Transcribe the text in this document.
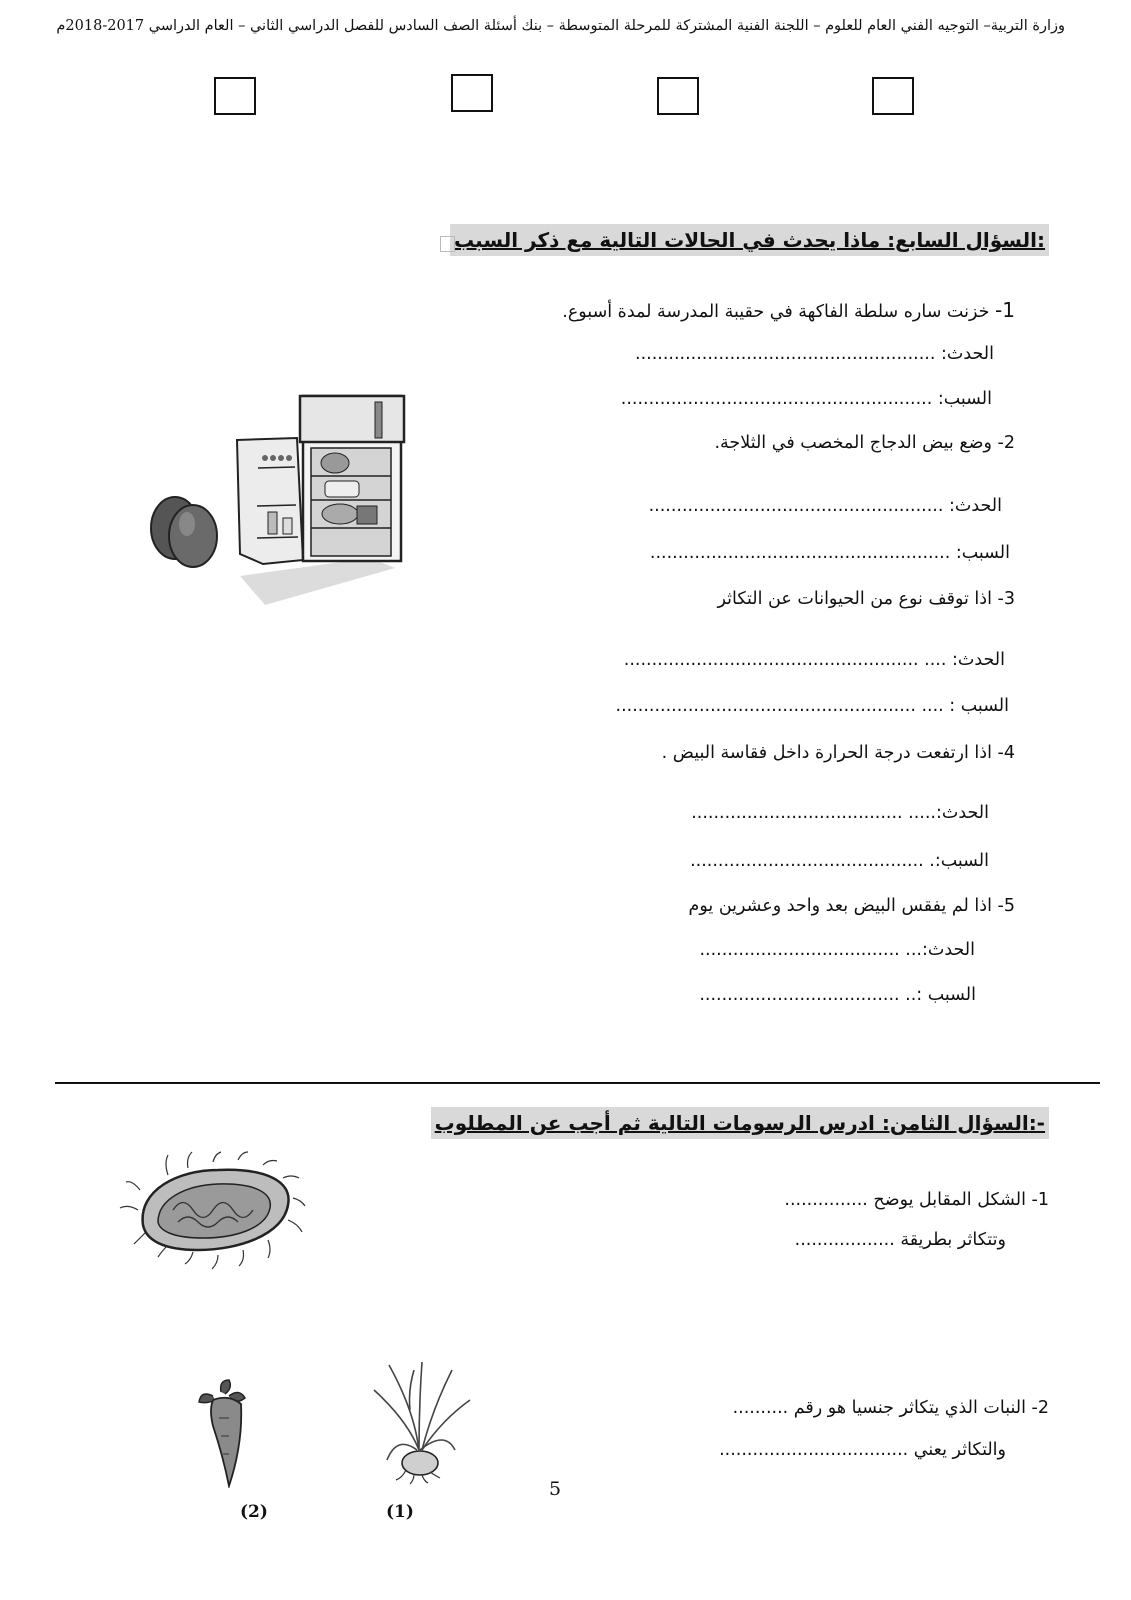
وزارة التربية– التوجيه الفني العام للعلوم – اللجنة الفنية المشتركة للمرحلة المتوسطة – بنك أسئلة الصف السادس للفصل الدراسي الثاني – العام الدراسي 2017-2018م
السؤال السابع: ماذا يحدث في الحالات التالية مع ذكر السبب:
1- خزنت ساره سلطة الفاكهة في حقيبة المدرسة لمدة أسبوع.
الحدث: ......................................................
السبب: ........................................................
2- وضع بيض الدجاج المخصب في الثلاجة.
الحدث: .....................................................
السبب: ......................................................
3- اذا توقف نوع من الحيوانات عن التكاثر
الحدث: .... .....................................................
السبب : .... ......................................................
4- اذا ارتفعت درجة الحرارة داخل فقاسة البيض .
الحدث:..... ......................................
السبب:. ..........................................
5- اذا لم يفقس البيض بعد واحد وعشرين يوم
الحدث:... ....................................
السبب :.. ....................................
السؤال الثامن: ادرس الرسومات التالية ثم أجب عن المطلوب:-
1- الشكل المقابل يوضح ...............
وتتكاثر بطريقة ..................
2- النبات الذي يتكاثر جنسيا هو رقم ..........
والتكاثر يعني ..................................
(2)	(1)
5
